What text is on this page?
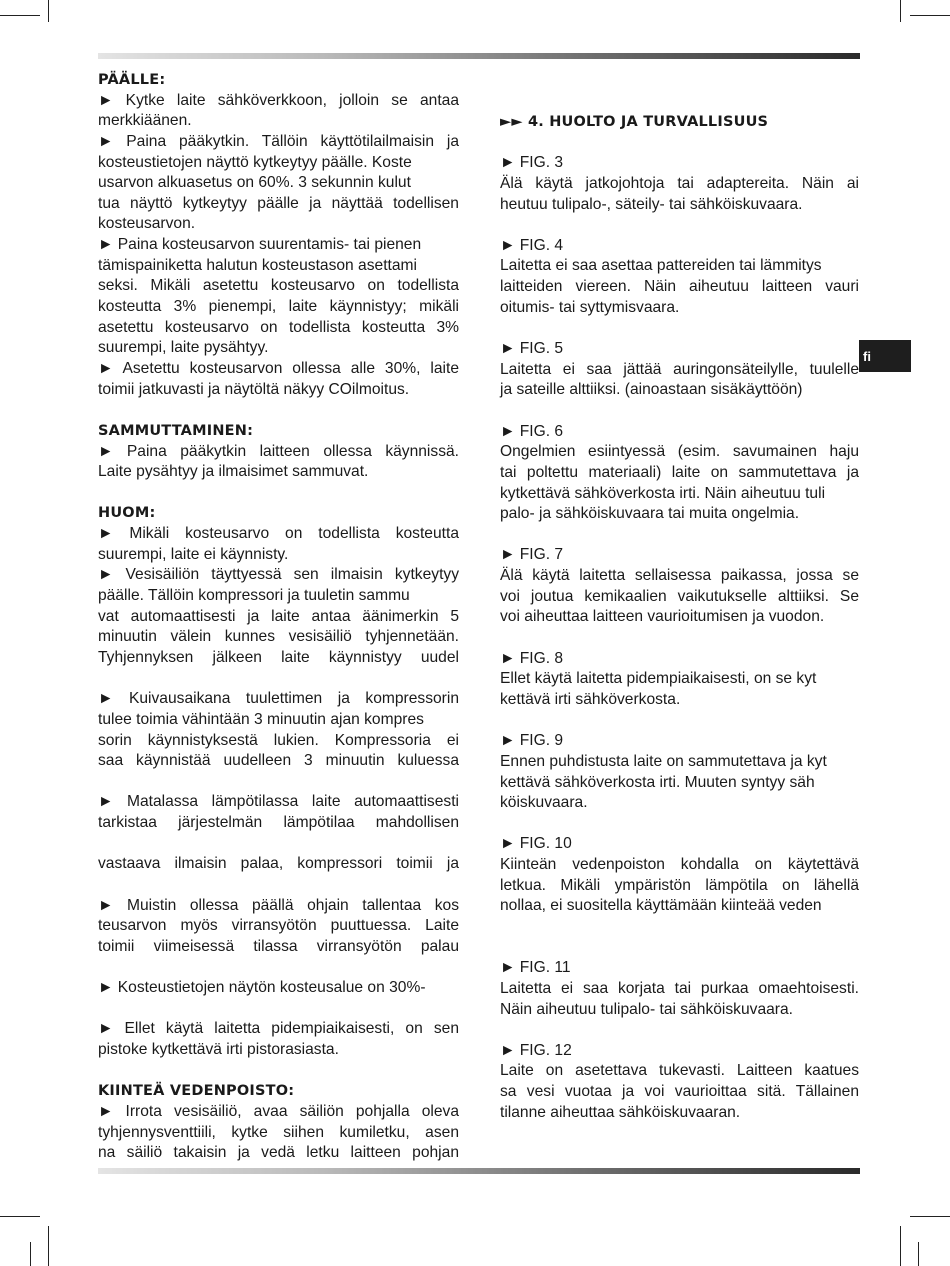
PÄÄLLE:
► Kytke laite sähköverkkoon, jolloin se antaa
merkkiäänen.
► Paina pääkytkin. Tällöin käyttötilailmaisin ja
kosteustietojen näyttö kytkeytyy päälle. Koste
usarvon alkuasetus on 60%. 3 sekunnin kulut
tua näyttö kytkeytyy päälle ja näyttää todellisen
kosteusarvon.
► Paina kosteusarvon suurentamis- tai pienen
tämispainiketta halutun kosteustason asettami
seksi. Mikäli asetettu kosteusarvo on todellista
kosteutta 3% pienempi, laite käynnistyy; mikäli
asetettu kosteusarvo on todellista kosteutta 3%
suurempi, laite pysähtyy.
► Asetettu kosteusarvon ollessa alle 30%, laite
toimii jatkuvasti ja näytöltä näkyy COilmoitus.
SAMMUTTAMINEN:
► Paina pääkytkin laitteen ollessa käynnissä.
Laite pysähtyy ja ilmaisimet sammuvat.
HUOM:
► Mikäli kosteusarvo on todellista kosteutta
suurempi, laite ei käynnisty.
► Vesisäiliön täyttyessä sen ilmaisin kytkeytyy
päälle. Tällöin kompressori ja tuuletin sammu
vat automaattisesti ja laite antaa äänimerkin 5
minuutin välein kunnes vesisäiliö tyhjennetään.
Tyhjennyksen jälkeen laite käynnistyy uudel
► Kuivausaikana tuulettimen ja kompressorin
tulee toimia vähintään 3 minuutin ajan kompres
sorin käynnistyksestä lukien. Kompressoria ei
saa käynnistää uudelleen 3 minuutin kuluessa
► Matalassa lämpötilassa laite automaattisesti
tarkistaa järjestelmän lämpötilaa mahdollisen
vastaava ilmaisin palaa, kompressori toimii ja
► Muistin ollessa päällä ohjain tallentaa kos
teusarvon myös virransyötön puuttuessa. Laite
toimii viimeisessä tilassa virransyötön palau
► Kosteustietojen näytön kosteusalue on 30%-
► Ellet käytä laitetta pidempiaikaisesti, on sen
pistoke kytkettävä irti pistorasiasta.
KIINTEÄ VEDENPOISTO:
► Irrota vesisäiliö, avaa säiliön pohjalla oleva
tyhjennysventtiili, kytke siihen kumiletku, asen
na säiliö takaisin ja vedä letku laitteen pohjan
►► 4. HUOLTO JA TURVALLISUUS
► FIG. 3
Älä käytä jatkojohtoja tai adaptereita. Näin ai
heutuu tulipalo-, säteily- tai sähköiskuvaara.
► FIG. 4
Laitetta ei saa asettaa pattereiden tai lämmitys
laitteiden viereen. Näin aiheutuu laitteen vauri
oitumis- tai syttymisvaara.
► FIG. 5
Laitetta ei saa jättää auringonsäteilylle, tuulelle
ja sateille alttiiksi. (ainoastaan sisäkäyttöön)
► FIG. 6
Ongelmien esiintyessä (esim. savumainen haju
tai poltettu materiaali) laite on sammutettava ja
kytkettävä sähköverkosta irti. Näin aiheutuu tuli
palo- ja sähköiskuvaara tai muita ongelmia.
► FIG. 7
Älä käytä laitetta sellaisessa paikassa, jossa se
voi joutua kemikaalien vaikutukselle alttiiksi. Se
voi aiheuttaa laitteen vaurioitumisen ja vuodon.
► FIG. 8
Ellet käytä laitetta pidempiaikaisesti, on se kyt
kettävä irti sähköverkosta.
► FIG. 9
Ennen puhdistusta laite on sammutettava ja kyt
kettävä sähköverkosta irti. Muuten syntyy säh
köiskuvaara.
► FIG. 10
Kiinteän vedenpoiston kohdalla on käytettävä
letkua. Mikäli ympäristön lämpötila on lähellä
nollaa, ei suositella käyttämään kiinteää veden
► FIG. 11
Laitetta ei saa korjata tai purkaa omaehtoisesti.
Näin aiheutuu tulipalo- tai sähköiskuvaara.
► FIG. 12
Laite on asetettava tukevasti. Laitteen kaatues
sa vesi vuotaa ja voi vaurioittaa sitä. Tällainen
tilanne aiheuttaa sähköiskuvaaran.
fi
